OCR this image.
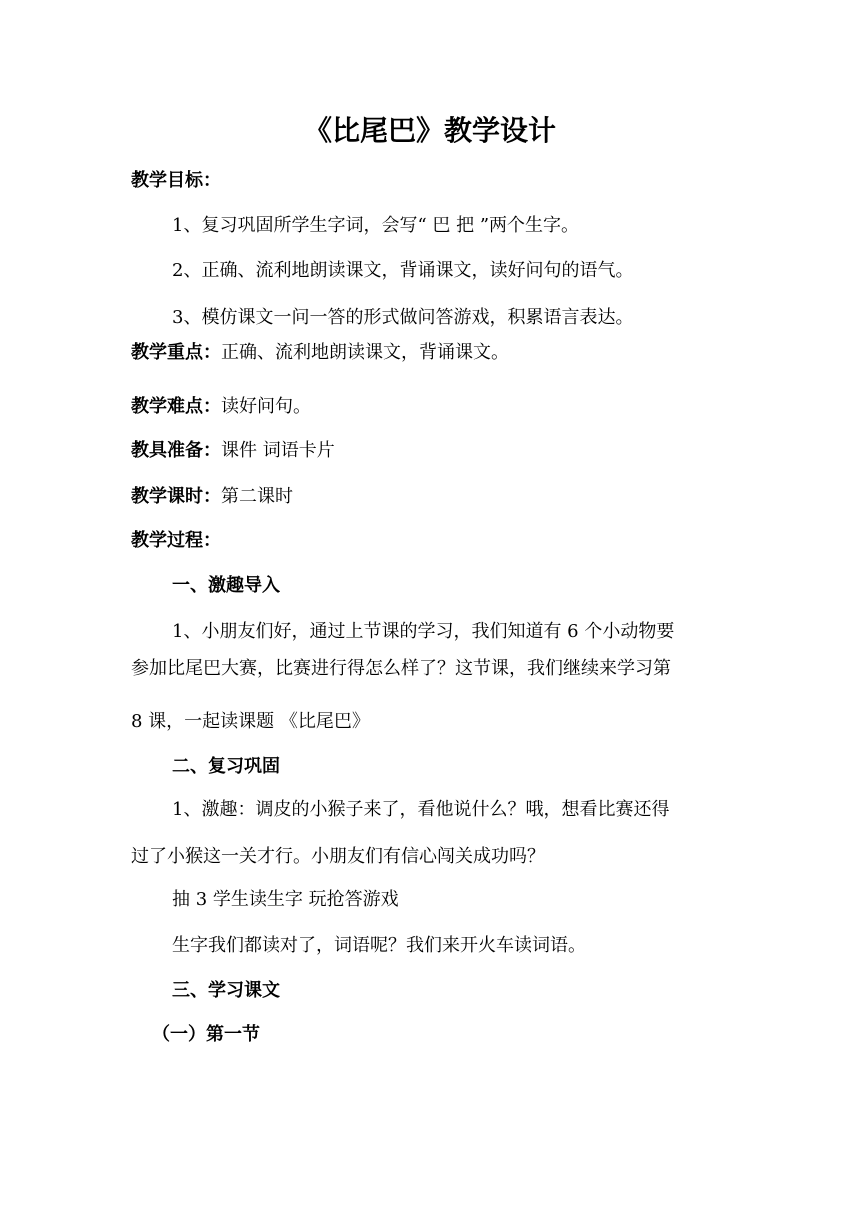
《比尾巴》教学设计
教学目标：
1、复习巩固所学生字词，会写“ 巴 把 ”两个生字。
2、正确、流利地朗读课文，背诵课文，读好问句的语气。
3、模仿课文一问一答的形式做问答游戏，积累语言表达。
教学重点：正确、流利地朗读课文，背诵课文。
教学难点：读好问句。
教具准备：课件 词语卡片
教学课时：第二课时
教学过程：
一、激趣导入
1、小朋友们好，通过上节课的学习，我们知道有 6 个小动物要
参加比尾巴大赛，比赛进行得怎么样了？这节课，我们继续来学习第
8 课，一起读课题 《比尾巴》
二、复习巩固
1、激趣：调皮的小猴子来了，看他说什么？哦，想看比赛还得
过了小猴这一关才行。小朋友们有信心闯关成功吗？
抽 3 学生读生字 玩抢答游戏
生字我们都读对了，词语呢？我们来开火车读词语。
三、学习课文
（一）第一节
